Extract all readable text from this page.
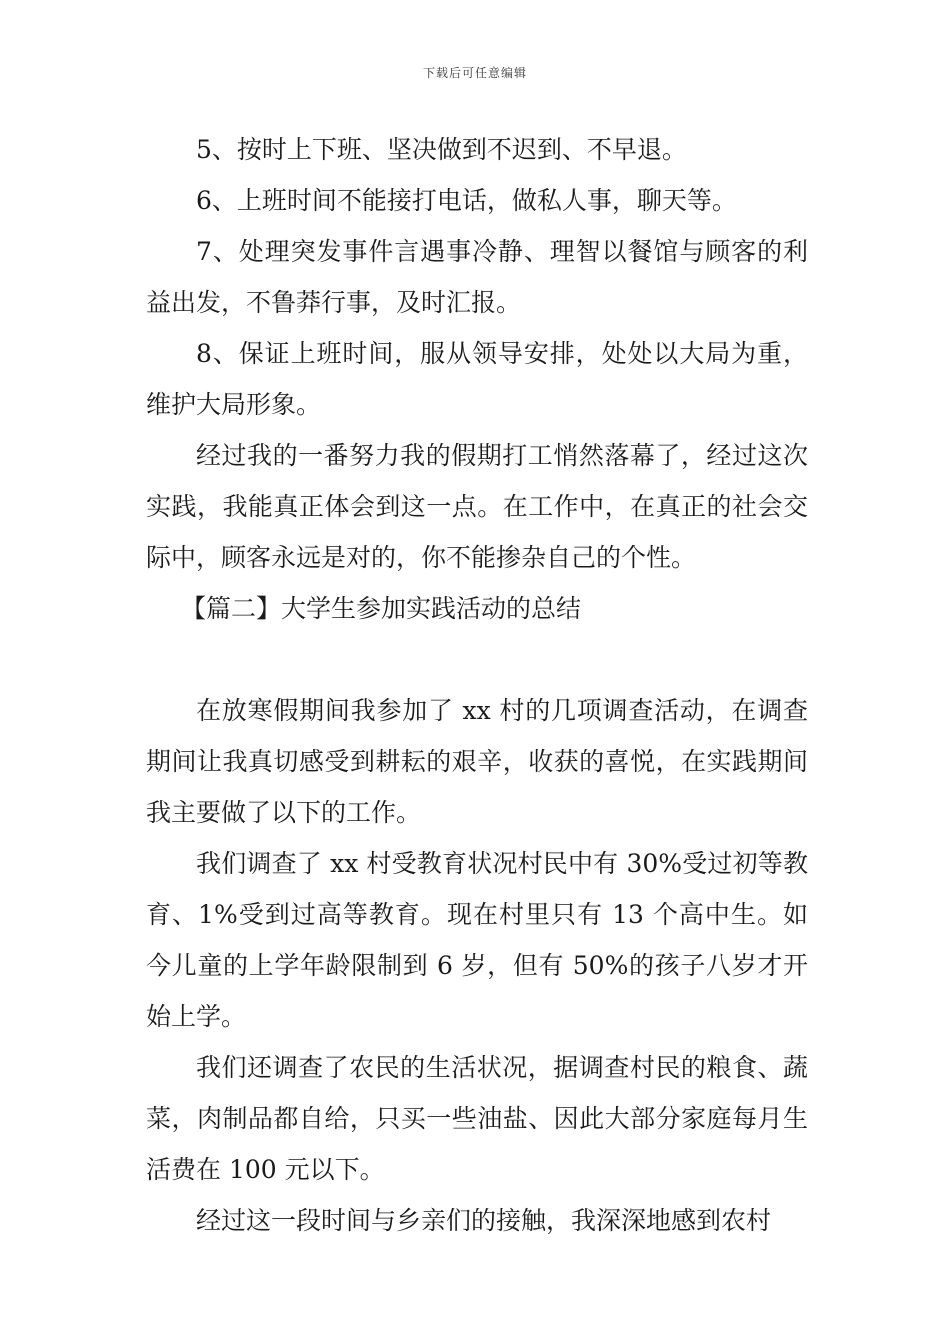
下载后可任意编辑

5、按时上下班、坚决做到不迟到、不早退。

6、上班时间不能接打电话，做私人事，聊天等。

7、处理突发事件言遇事冷静、理智以餐馆与顾客的利益出发，不鲁莽行事，及时汇报。

8、保证上班时间，服从领导安排，处处以大局为重，维护大局形象。

经过我的一番努力我的假期打工悄然落幕了，经过这次实践，我能真正体会到这一点。在工作中，在真正的社会交际中，顾客永远是对的，你不能掺杂自己的个性。

【篇二】大学生参加实践活动的总结

在放寒假期间我参加了 xx 村的几项调查活动，在调查期间让我真切感受到耕耘的艰辛，收获的喜悦，在实践期间我主要做了以下的工作。

我们调查了 xx 村受教育状况村民中有 30%受过初等教育、1%受到过高等教育。现在村里只有 13 个高中生。如今儿童的上学年龄限制到 6 岁，但有 50%的孩子八岁才开始上学。

我们还调查了农民的生活状况，据调查村民的粮食、蔬菜，肉制品都自给，只买一些油盐、因此大部分家庭每月生活费在 100 元以下。

经过这一段时间与乡亲们的接触，我深深地感到农村
